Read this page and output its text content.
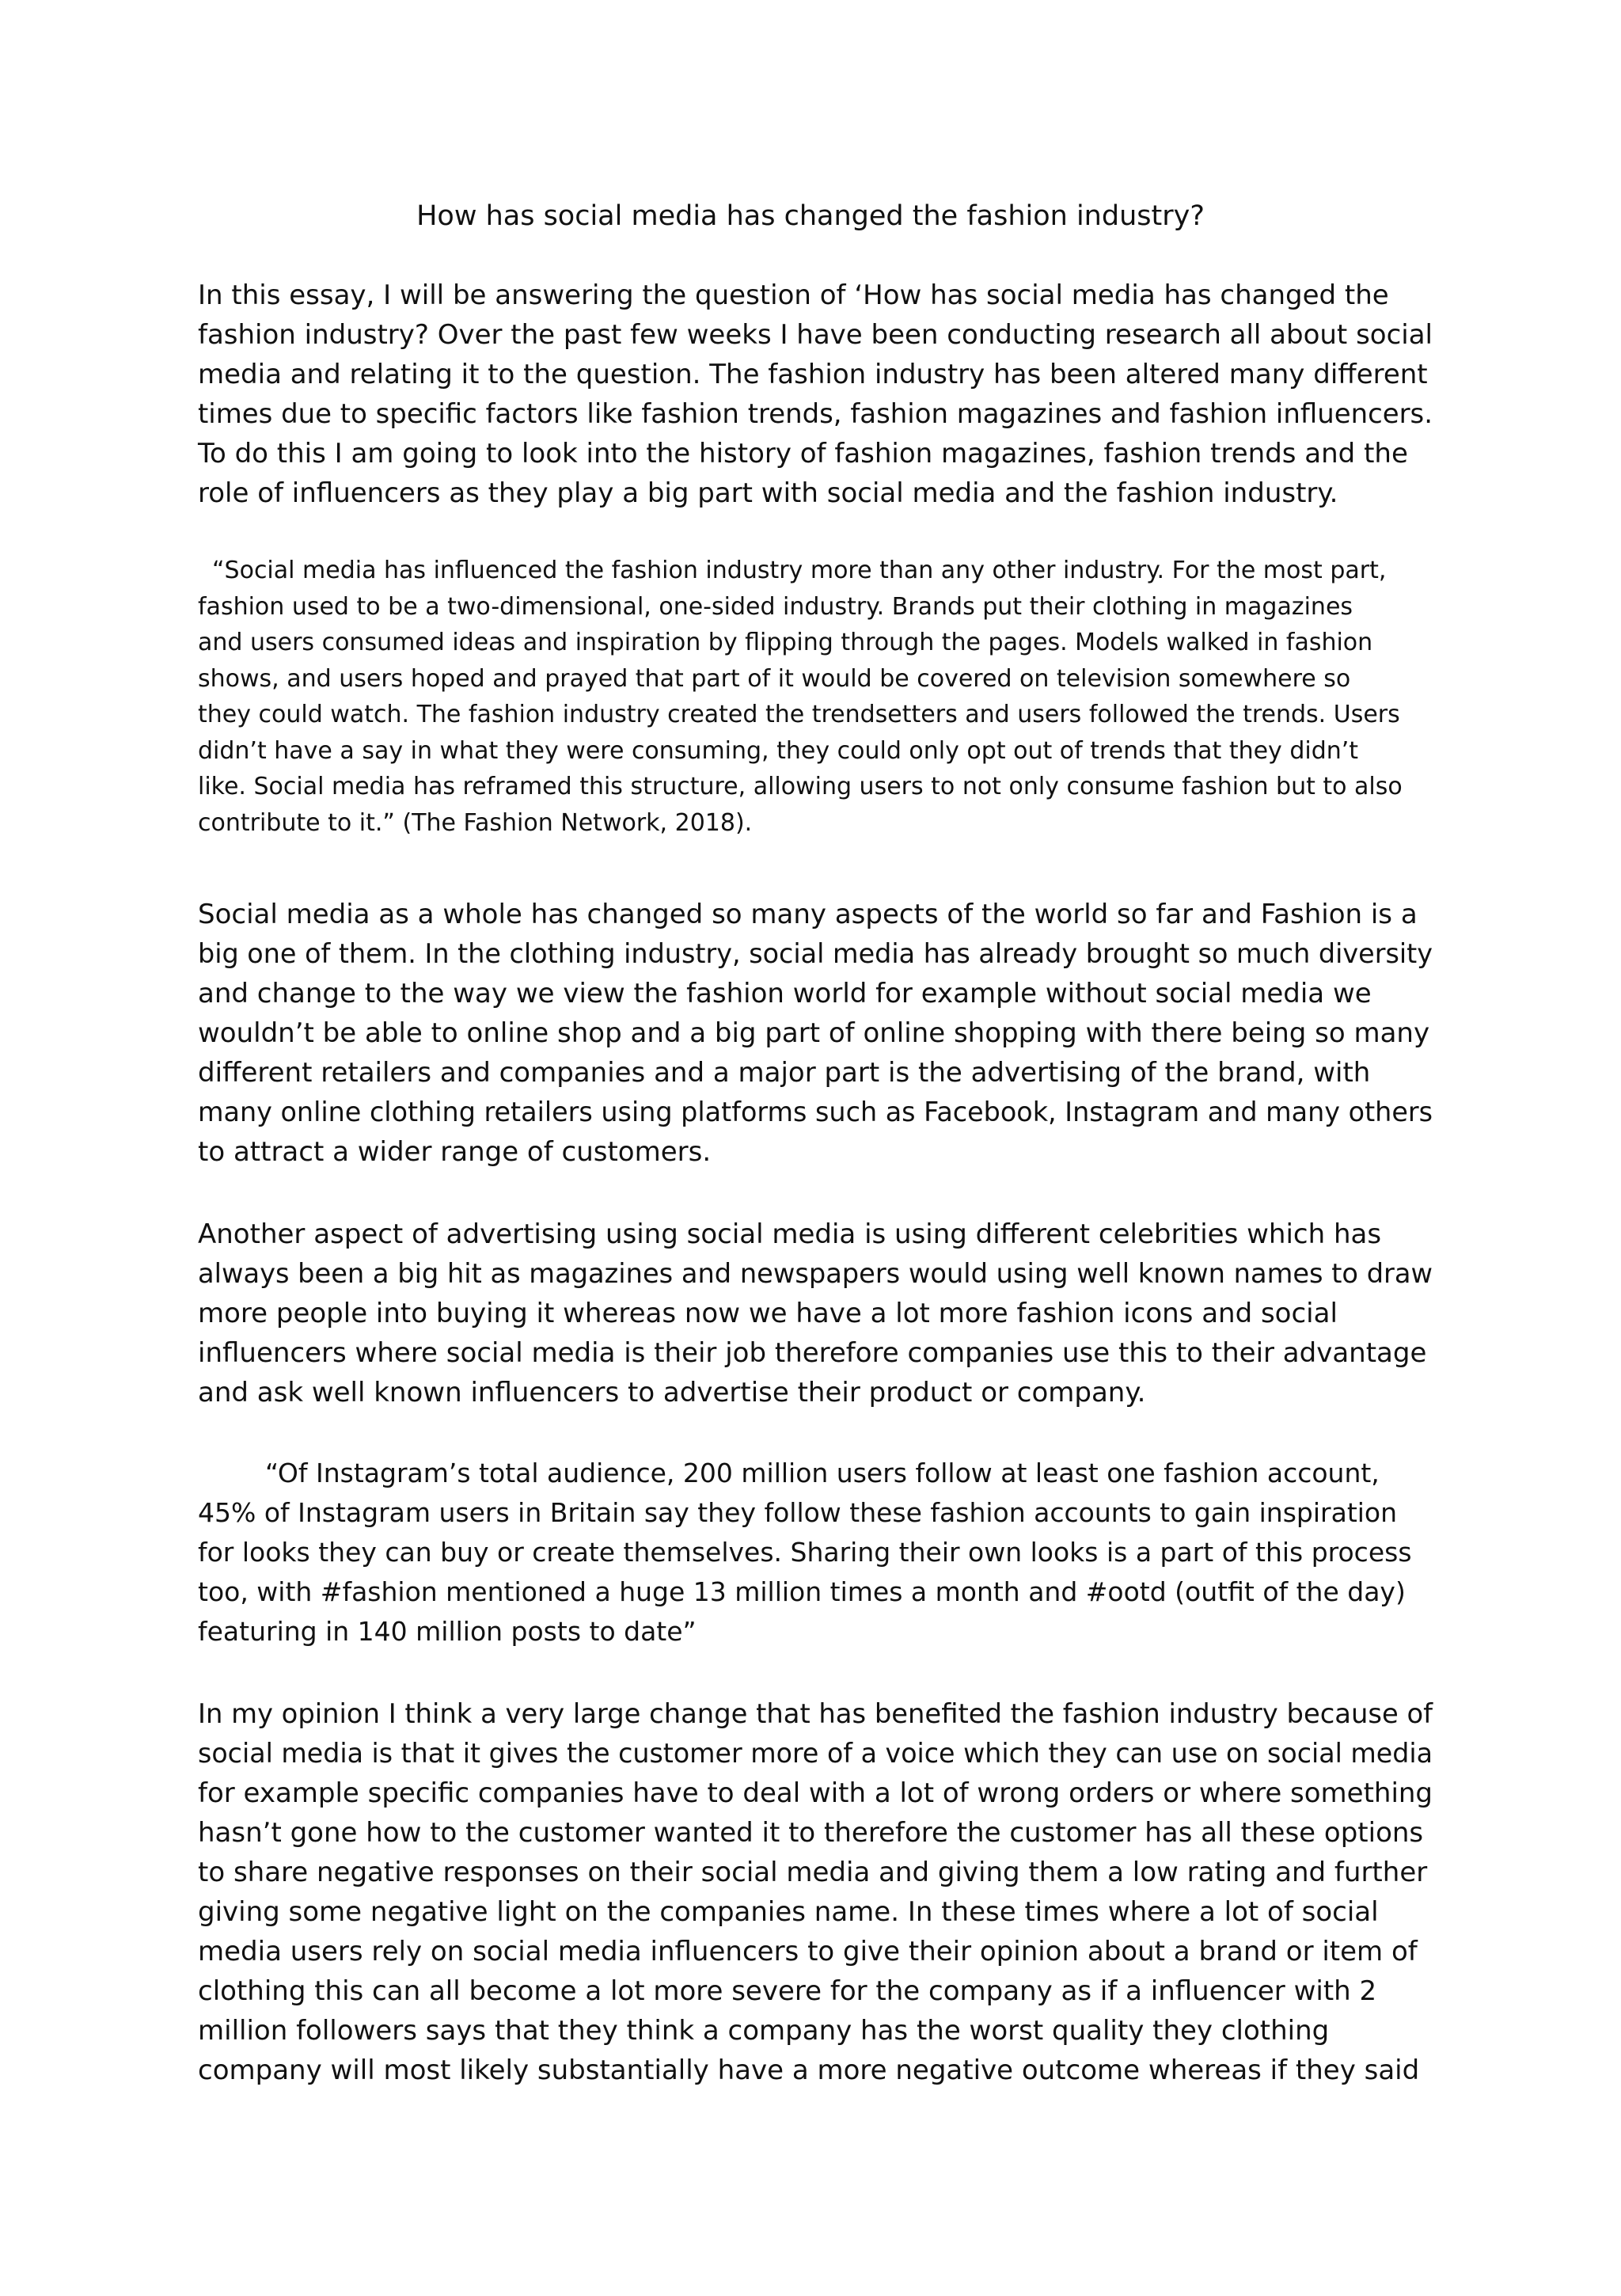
How has social media has changed the fashion industry?
In this essay, I will be answering the question of ‘How has social media has changed the
fashion industry? Over the past few weeks I have been conducting research all about social
media and relating it to the question. The fashion industry has been altered many different
times due to specific factors like fashion trends, fashion magazines and fashion influencers.
To do this I am going to look into the history of fashion magazines, fashion trends and the
role of influencers as they play a big part with social media and the fashion industry.
“Social media has influenced the fashion industry more than any other industry. For the most part,
fashion used to be a two-dimensional, one-sided industry. Brands put their clothing in magazines
and users consumed ideas and inspiration by flipping through the pages. Models walked in fashion
shows, and users hoped and prayed that part of it would be covered on television somewhere so
they could watch. The fashion industry created the trendsetters and users followed the trends. Users
didn’t have a say in what they were consuming, they could only opt out of trends that they didn’t
like. Social media has reframed this structure, allowing users to not only consume fashion but to also
contribute to it.” (The Fashion Network, 2018).
Social media as a whole has changed so many aspects of the world so far and Fashion is a
big one of them. In the clothing industry, social media has already brought so much diversity
and change to the way we view the fashion world for example without social media we
wouldn’t be able to online shop and a big part of online shopping with there being so many
different retailers and companies and a major part is the advertising of the brand, with
many online clothing retailers using platforms such as Facebook, Instagram and many others
to attract a wider range of customers.
Another aspect of advertising using social media is using different celebrities which has
always been a big hit as magazines and newspapers would using well known names to draw
more people into buying it whereas now we have a lot more fashion icons and social
influencers where social media is their job therefore companies use this to their advantage
and ask well known influencers to advertise their product or company.
“Of Instagram’s total audience, 200 million users follow at least one fashion account,
45% of Instagram users in Britain say they follow these fashion accounts to gain inspiration
for looks they can buy or create themselves. Sharing their own looks is a part of this process
too, with #fashion mentioned a huge 13 million times a month and #ootd (outfit of the day)
featuring in 140 million posts to date”
In my opinion I think a very large change that has benefited the fashion industry because of
social media is that it gives the customer more of a voice which they can use on social media
for example specific companies have to deal with a lot of wrong orders or where something
hasn’t gone how to the customer wanted it to therefore the customer has all these options
to share negative responses on their social media and giving them a low rating and further
giving some negative light on the companies name. In these times where a lot of social
media users rely on social media influencers to give their opinion about a brand or item of
clothing this can all become a lot more severe for the company as if a influencer with 2
million followers says that they think a company has the worst quality they clothing
company will most likely substantially have a more negative outcome whereas if they said
